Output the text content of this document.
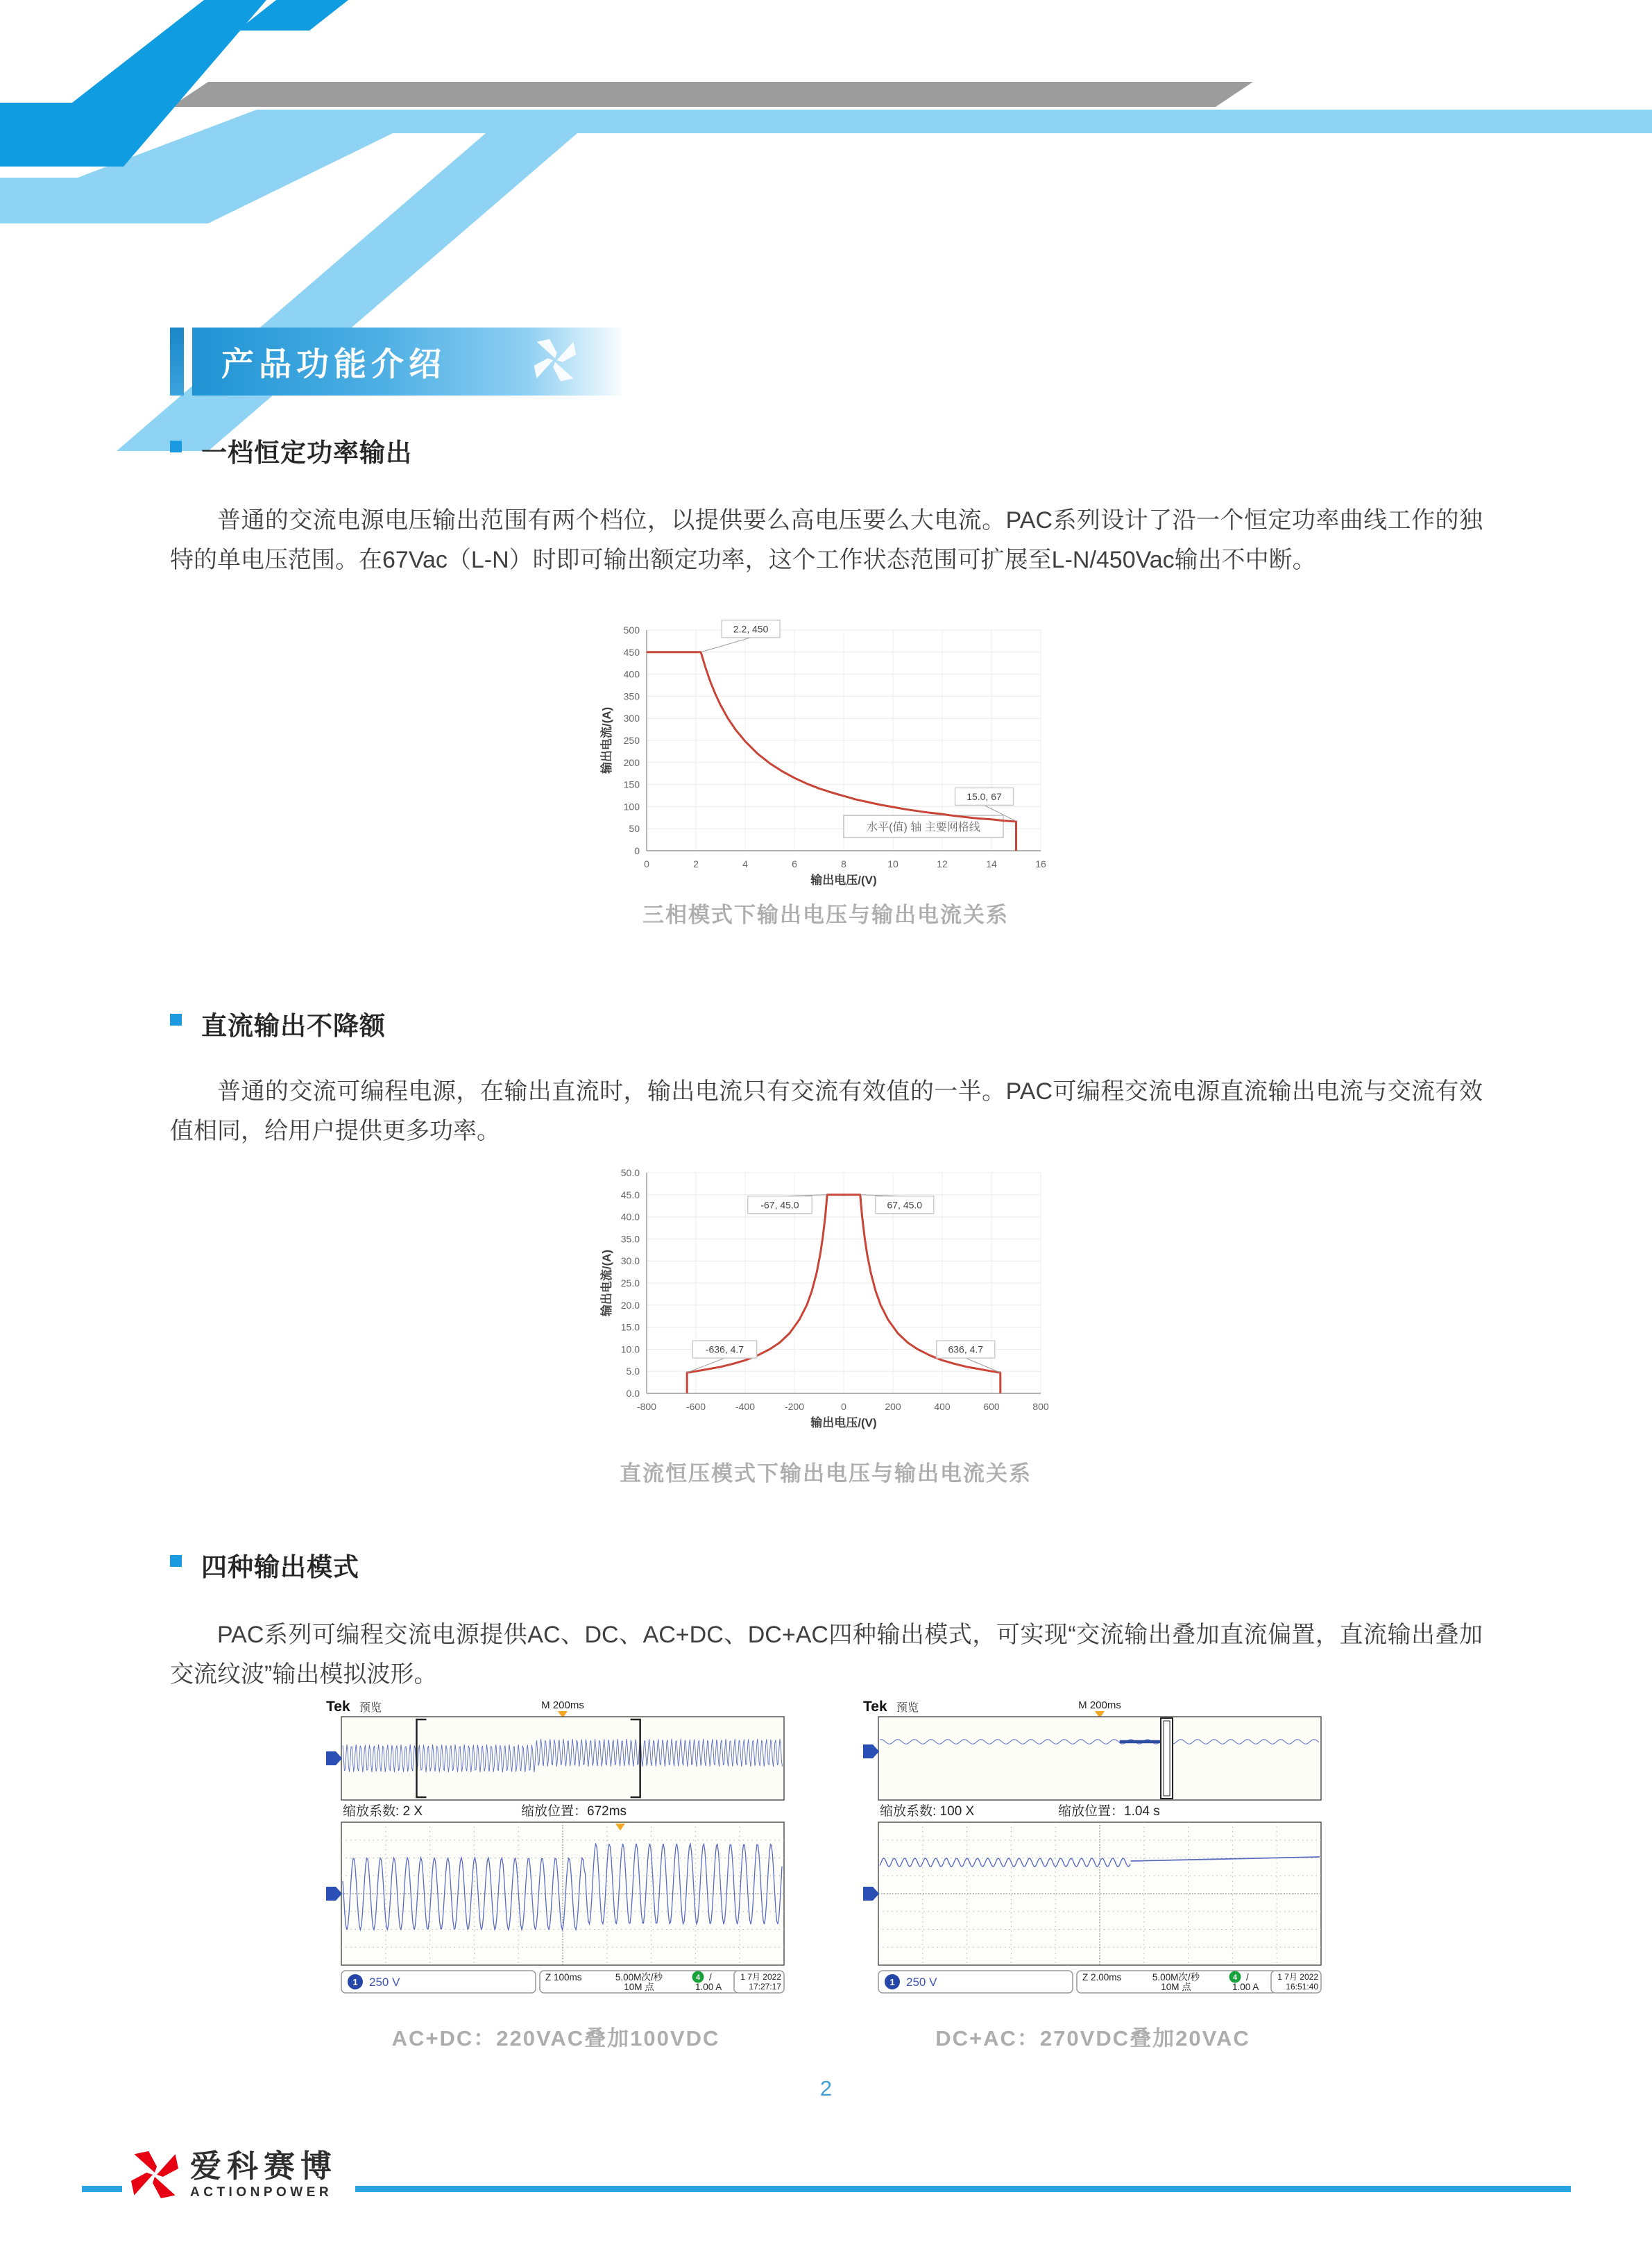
产品功能介绍
一档恒定功率输出
普通的交流电源电压输出范围有两个档位，以提供要么高电压要么大电流。PAC系列设计了沿一个恒定功率曲线工作的独特的单电压范围。在67Vac（L-N）时即可输出额定功率，这个工作状态范围可扩展至L-N/450Vac输出不中断。
0	2	4	6	8	10	12	14	16
0
50
100
150
200
250
300
350
400
450
500
水平(值) 轴 主要网格线
2.2, 450
15.0, 67
输出电压/(V)
输出电流/(A)
三相模式下输出电压与输出电流关系
直流输出不降额
普通的交流可编程电源，在输出直流时，输出电流只有交流有效值的一半。PAC可编程交流电源直流输出电流与交流有效值相同，给用户提供更多功率。
-800	-600	-400	-200	0	200	400	600	800
0.0
5.0
10.0
15.0
20.0
25.0
30.0
35.0
40.0
45.0
50.0
-67, 45.0	67, 45.0
-636, 4.7	636, 4.7
输出电压/(V)
输出电流/(A)
直流恒压模式下输出电压与输出电流关系
四种输出模式
PAC系列可编程交流电源提供AC、DC、AC+DC、DC+AC四种输出模式，可实现“交流输出叠加直流偏置，直流输出叠加交流纹波”输出模拟波形。
Tek 预览	M 200ms
缩放系数: 2 X	缩放位置：672ms
1 250 V	Z 100ms	5.00M次/秒
10M 点
4 /
1.00 A
1 7月 2022
17:27:17
Tek 预览	M 200ms
缩放系数: 100 X	缩放位置：1.04 s
1 250 V	Z 2.00ms	5.00M次/秒
10M 点
4 /
1.00 A
1 7月 2022
16:51:40
AC+DC：220VAC叠加100VDC	DC+AC：270VDC叠加20VAC
2
爱科赛博
ACTIONPOWER
